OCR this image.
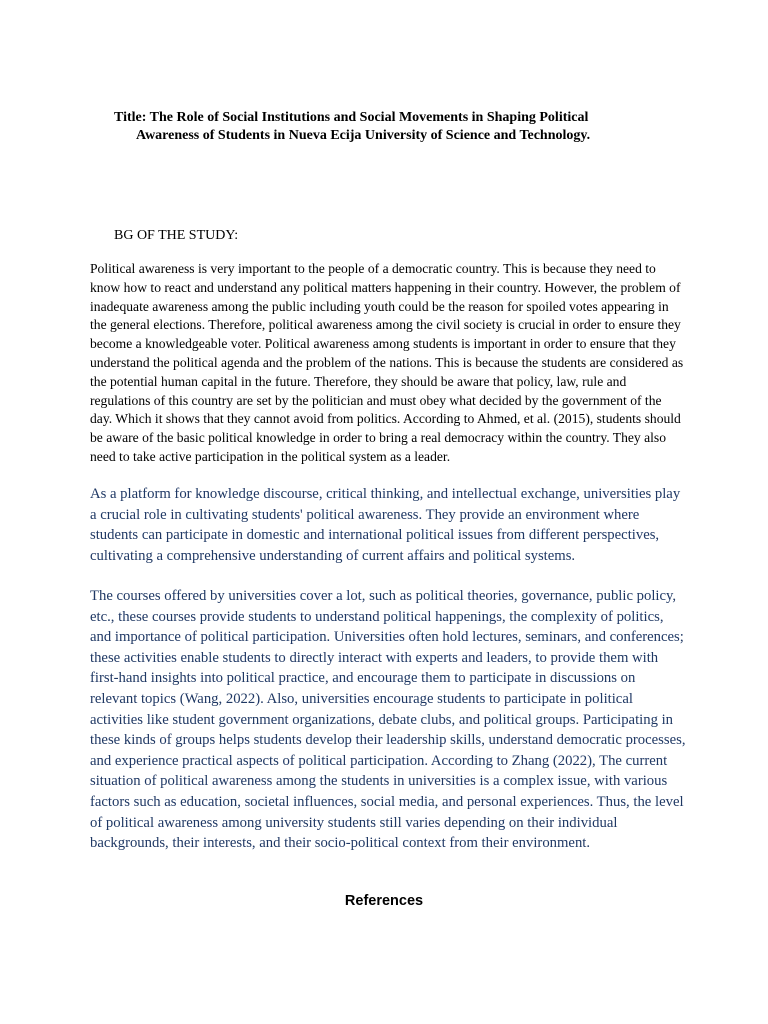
Title: The Role of Social Institutions and Social Movements in Shaping Political
Awareness of Students in Nueva Ecija University of Science and Technology.
BG OF THE STUDY:

Political awareness is very important to the people of a democratic country. This is because they need to know how to react and understand any political matters happening in their country. However, the problem of inadequate awareness among the public including youth could be the reason for spoiled votes appearing in the general elections. Therefore, political awareness among the civil society is crucial in order to ensure they become a knowledgeable voter. Political awareness among students is important in order to ensure that they understand the political agenda and the problem of the nations. This is because the students are considered as the potential human capital in the future. Therefore, they should be aware that policy, law, rule and regulations of this country are set by the politician and must obey what decided by the government of the day. Which it shows that they cannot avoid from politics. According to Ahmed, et al. (2015), students should be aware of the basic political knowledge in order to bring a real democracy within the country. They also need to take active participation in the political system as a leader.

As a platform for knowledge discourse, critical thinking, and intellectual exchange, universities play a crucial role in cultivating students' political awareness. They provide an environment where students can participate in domestic and international political issues from different perspectives, cultivating a comprehensive understanding of current affairs and political systems.

The courses offered by universities cover a lot, such as political theories, governance, public policy, etc., these courses provide students to understand political happenings, the complexity of politics, and importance of political participation. Universities often hold lectures, seminars, and conferences; these activities enable students to directly interact with experts and leaders, to provide them with first-hand insights into political practice, and encourage them to participate in discussions on relevant topics (Wang, 2022). Also, universities encourage students to participate in political activities like student government organizations, debate clubs, and political groups. Participating in these kinds of groups helps students develop their leadership skills, understand democratic processes, and experience practical aspects of political participation. According to Zhang (2022), The current situation of political awareness among the students in universities is a complex issue, with various factors such as education, societal influences, social media, and personal experiences. Thus, the level of political awareness among university students still varies depending on their individual backgrounds, their interests, and their socio-political context from their environment.

References
